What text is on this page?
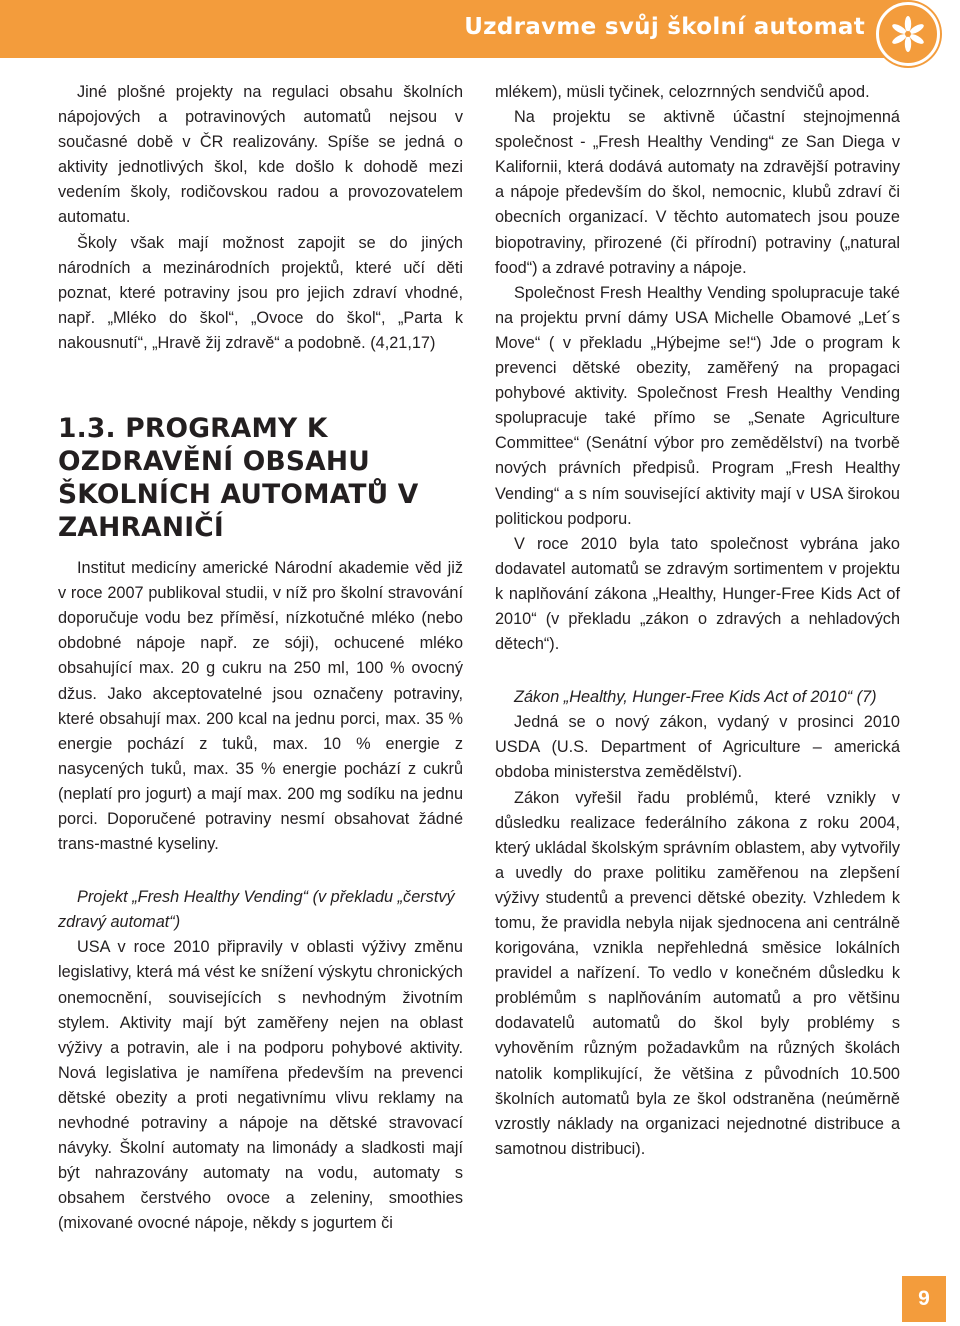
Uzdravme svůj školní automat

Jiné plošné projekty na regulaci obsahu školních nápojových a potravinových automatů nejsou v současné době v ČR realizovány. Spíše se jedná o aktivity jednotlivých škol, kde došlo k dohodě mezi vedením školy, rodičovskou radou a provozovatelem automatu.

Školy však mají možnost zapojit se do jiných národních a mezinárodních projektů, které učí děti poznat, které potraviny jsou pro jejich zdraví vhodné, např. „Mléko do škol“, „Ovoce do škol“, „Parta k nakousnutí“, „Hravě žij zdravě“ a podobně. (4,21,17)

1.3. PROGRAMY K OZDRAVĚNÍ OBSAHU ŠKOLNÍCH AUTOMATŮ V ZAHRANIČÍ

Institut medicíny americké Národní akademie věd již v roce 2007 publikoval studii, v níž pro školní stravování doporučuje vodu bez příměsí, nízkotučné mléko (nebo obdobné nápoje např. ze sóji), ochucené mléko obsahující max. 20 g cukru na 250 ml, 100 % ovocný džus. Jako akceptovatelné jsou označeny potraviny, které obsahují max. 200 kcal na jednu porci, max. 35 % energie pochází z tuků, max. 10 % energie z nasycených tuků, max. 35 % energie pochází z cukrů (neplatí pro jogurt) a mají max. 200 mg sodíku na jednu porci. Doporučené potraviny nesmí obsahovat žádné trans-mastné kyseliny.

Projekt „Fresh Healthy Vending“ (v překladu „čerstvý zdravý automat“)

USA v roce 2010 připravily v oblasti výživy změnu legislativy, která má vést ke snížení výskytu chronických onemocnění, souvisejících s nevhodným životním stylem. Aktivity mají být zaměřeny nejen na oblast výživy a potravin, ale i na podporu pohybové aktivity. Nová legislativa je namířena především na prevenci dětské obezity a proti negativnímu vlivu reklamy na nevhodné potraviny a nápoje na dětské stravovací návyky. Školní automaty na limonády a sladkosti mají být nahrazovány automaty na vodu, automaty s obsahem čerstvého ovoce a zeleniny, smoothies (mixované ovocné nápoje, někdy s jogurtem či

mlékem), müsli tyčinek, celozrnných sendvičů apod.

Na projektu se aktivně účastní stejnojmenná společnost - „Fresh Healthy Vending“ ze San Diega v Kalifornii, která dodává automaty na zdravější potraviny a nápoje především do škol, nemocnic, klubů zdraví či obecních organizací. V těchto automatech jsou pouze biopotraviny, přirozené (či přírodní) potraviny („natural food“) a zdravé potraviny a nápoje.

Společnost Fresh Healthy Vending spolupracuje také na projektu první dámy USA Michelle Obamové „Let´s Move“ ( v překladu „Hýbejme se!“) Jde o program k prevenci dětské obezity, zaměřený na propagaci pohybové aktivity. Společnost Fresh Healthy Vending spolupracuje také přímo se „Senate Agriculture Committee“ (Senátní výbor pro zemědělství) na tvorbě nových právních předpisů. Program „Fresh Healthy Vending“ a s ním související aktivity mají v USA širokou politickou podporu.

V roce 2010 byla tato společnost vybrána jako dodavatel automatů se zdravým sortimentem v projektu k naplňování zákona „Healthy, Hunger-Free Kids Act of 2010“ (v překladu „zákon o zdravých a nehladových dětech“).

Zákon „Healthy, Hunger-Free Kids Act of 2010“ (7)

Jedná se o nový zákon, vydaný v prosinci 2010 USDA (U.S. Department of Agriculture – americká obdoba ministerstva zemědělství).

Zákon vyřešil řadu problémů, které vznikly v důsledku realizace federálního zákona z roku 2004, který ukládal školským správním oblastem, aby vytvořily a uvedly do praxe politiku zaměřenou na zlepšení výživy studentů a prevenci dětské obezity. Vzhledem k tomu, že pravidla nebyla nijak sjednocena ani centrálně korigována, vznikla nepřehledná směsice lokálních pravidel a nařízení. To vedlo v konečném důsledku k problémům s naplňováním automatů a pro většinu dodavatelů automatů do škol byly problémy s vyhověním různým požadavkům na různých školách natolik komplikující, že většina z původních 10.500 školních automatů byla ze škol odstraněna (neúměrně vzrostly náklady na organizaci nejednotné distribuce a samotnou distribuci).

9
